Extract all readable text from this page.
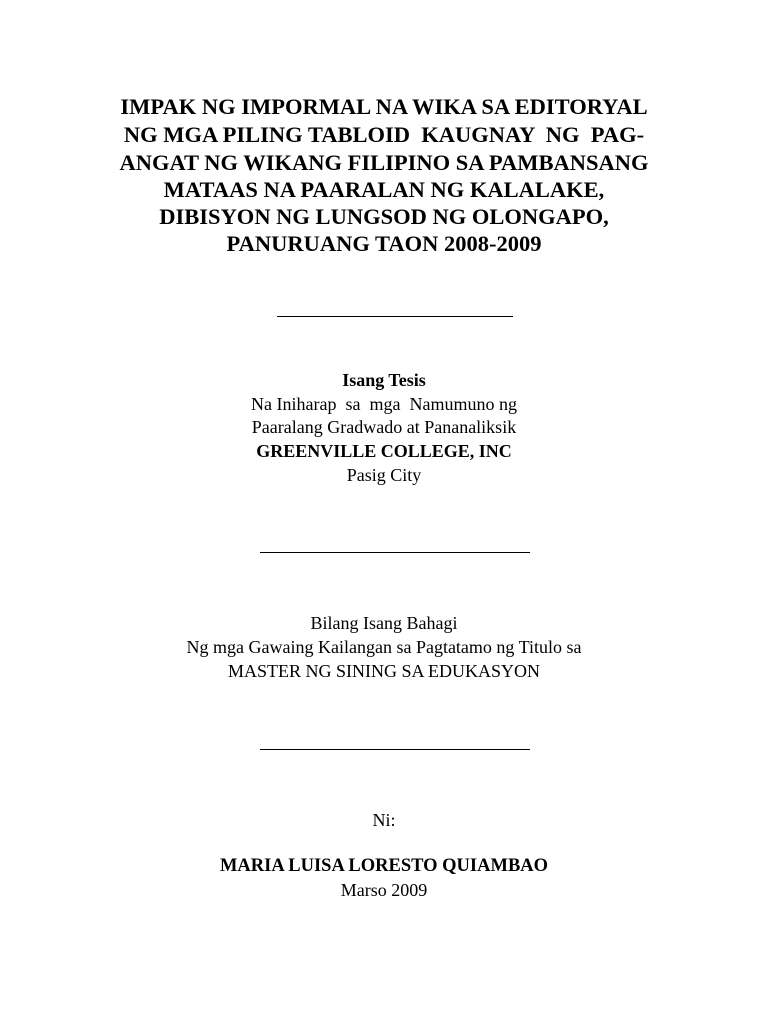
IMPAK NG IMPORMAL NA WIKA SA EDITORYAL
NG MGA PILING TABLOID  KAUGNAY  NG  PAG-
ANGAT NG WIKANG FILIPINO SA PAMBANSANG
MATAAS NA PAARALAN NG KALALAKE,
DIBISYON NG LUNGSOD NG OLONGAPO,
PANURUANG TAON 2008-2009
Isang Tesis
Na Iniharap  sa  mga  Namumuno ng
Paaralang Gradwado at Pananaliksik
GREENVILLE COLLEGE, INC
Pasig City
Bilang Isang Bahagi
Ng mga Gawaing Kailangan sa Pagtatamo ng Titulo sa
MASTER NG SINING SA EDUKASYON
Ni:
MARIA LUISA LORESTO QUIAMBAO
Marso 2009
